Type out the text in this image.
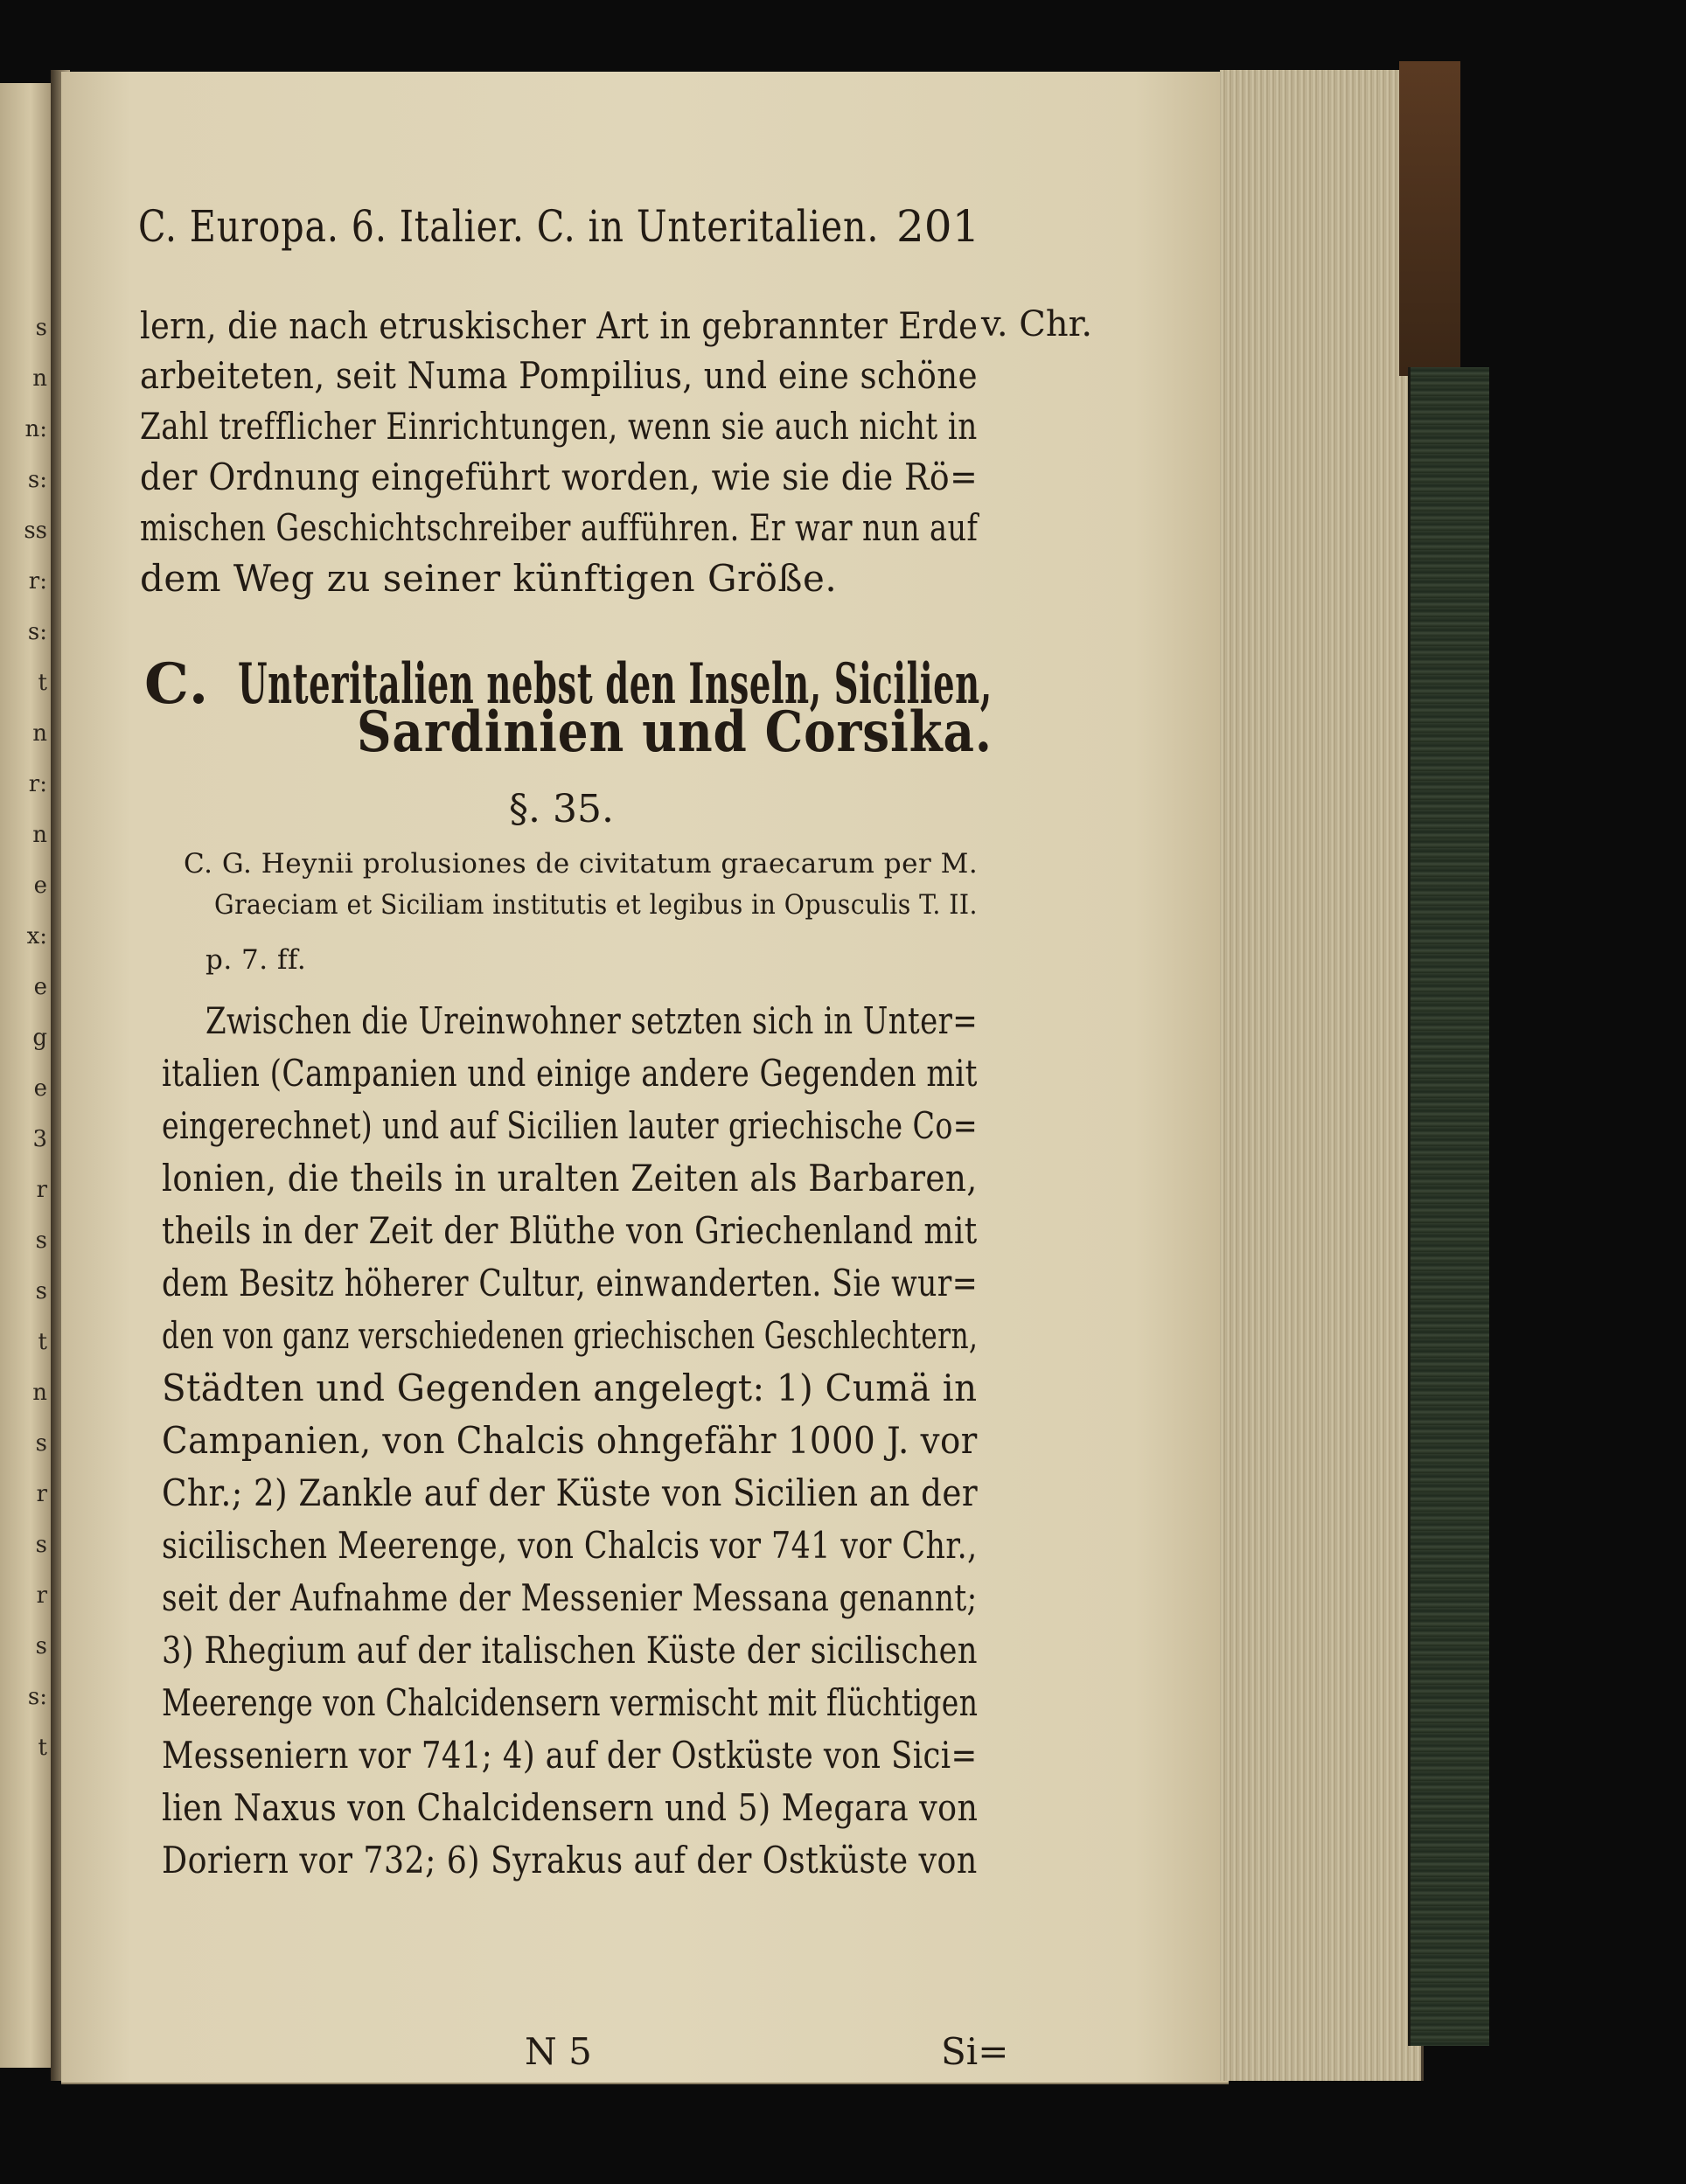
s
n
n:
s:
ss
r:
s:
t
n
r:
n
e
x:
e
g
e
3
r
s
s
t
n
s
r
s
r
s
s:
t
C. Europa. 6. Italier. C. in Unteritalien. 201
lern, die nach etruskischer Art in gebrannter Erde v. Chr.
arbeiteten, seit Numa Pompilius, und eine schöne
Zahl trefflicher Einrichtungen, wenn sie auch nicht in
der Ordnung eingeführt worden, wie sie die Rö=
mischen Geschichtschreiber aufführen. Er war nun auf
dem Weg zu seiner künftigen Größe.
C. Unteritalien nebst den Inseln, Sicilien,
Sardinien und Corsika.
§. 35.
C. G. Heynii prolusiones de civitatum graecarum per M.
Graeciam et Siciliam institutis et legibus in Opusculis T. II.
p. 7. ff.
Zwischen die Ureinwohner setzten sich in Unter=
italien (Campanien und einige andere Gegenden mit
eingerechnet) und auf Sicilien lauter griechische Co=
lonien, die theils in uralten Zeiten als Barbaren,
theils in der Zeit der Blüthe von Griechenland mit
dem Besitz höherer Cultur, einwanderten. Sie wur=
den von ganz verschiedenen griechischen Geschlechtern,
Städten und Gegenden angelegt: 1) Cumä in
Campanien, von Chalcis ohngefähr 1000 J. vor
Chr.; 2) Zankle auf der Küste von Sicilien an der
sicilischen Meerenge, von Chalcis vor 741 vor Chr.,
seit der Aufnahme der Messenier Messana genannt;
3) Rhegium auf der italischen Küste der sicilischen
Meerenge von Chalcidensern vermischt mit flüchtigen
Messeniern vor 741; 4) auf der Ostküste von Sici=
lien Naxus von Chalcidensern und 5) Megara von
Doriern vor 732; 6) Syrakus auf der Ostküste von
N 5	Si=
